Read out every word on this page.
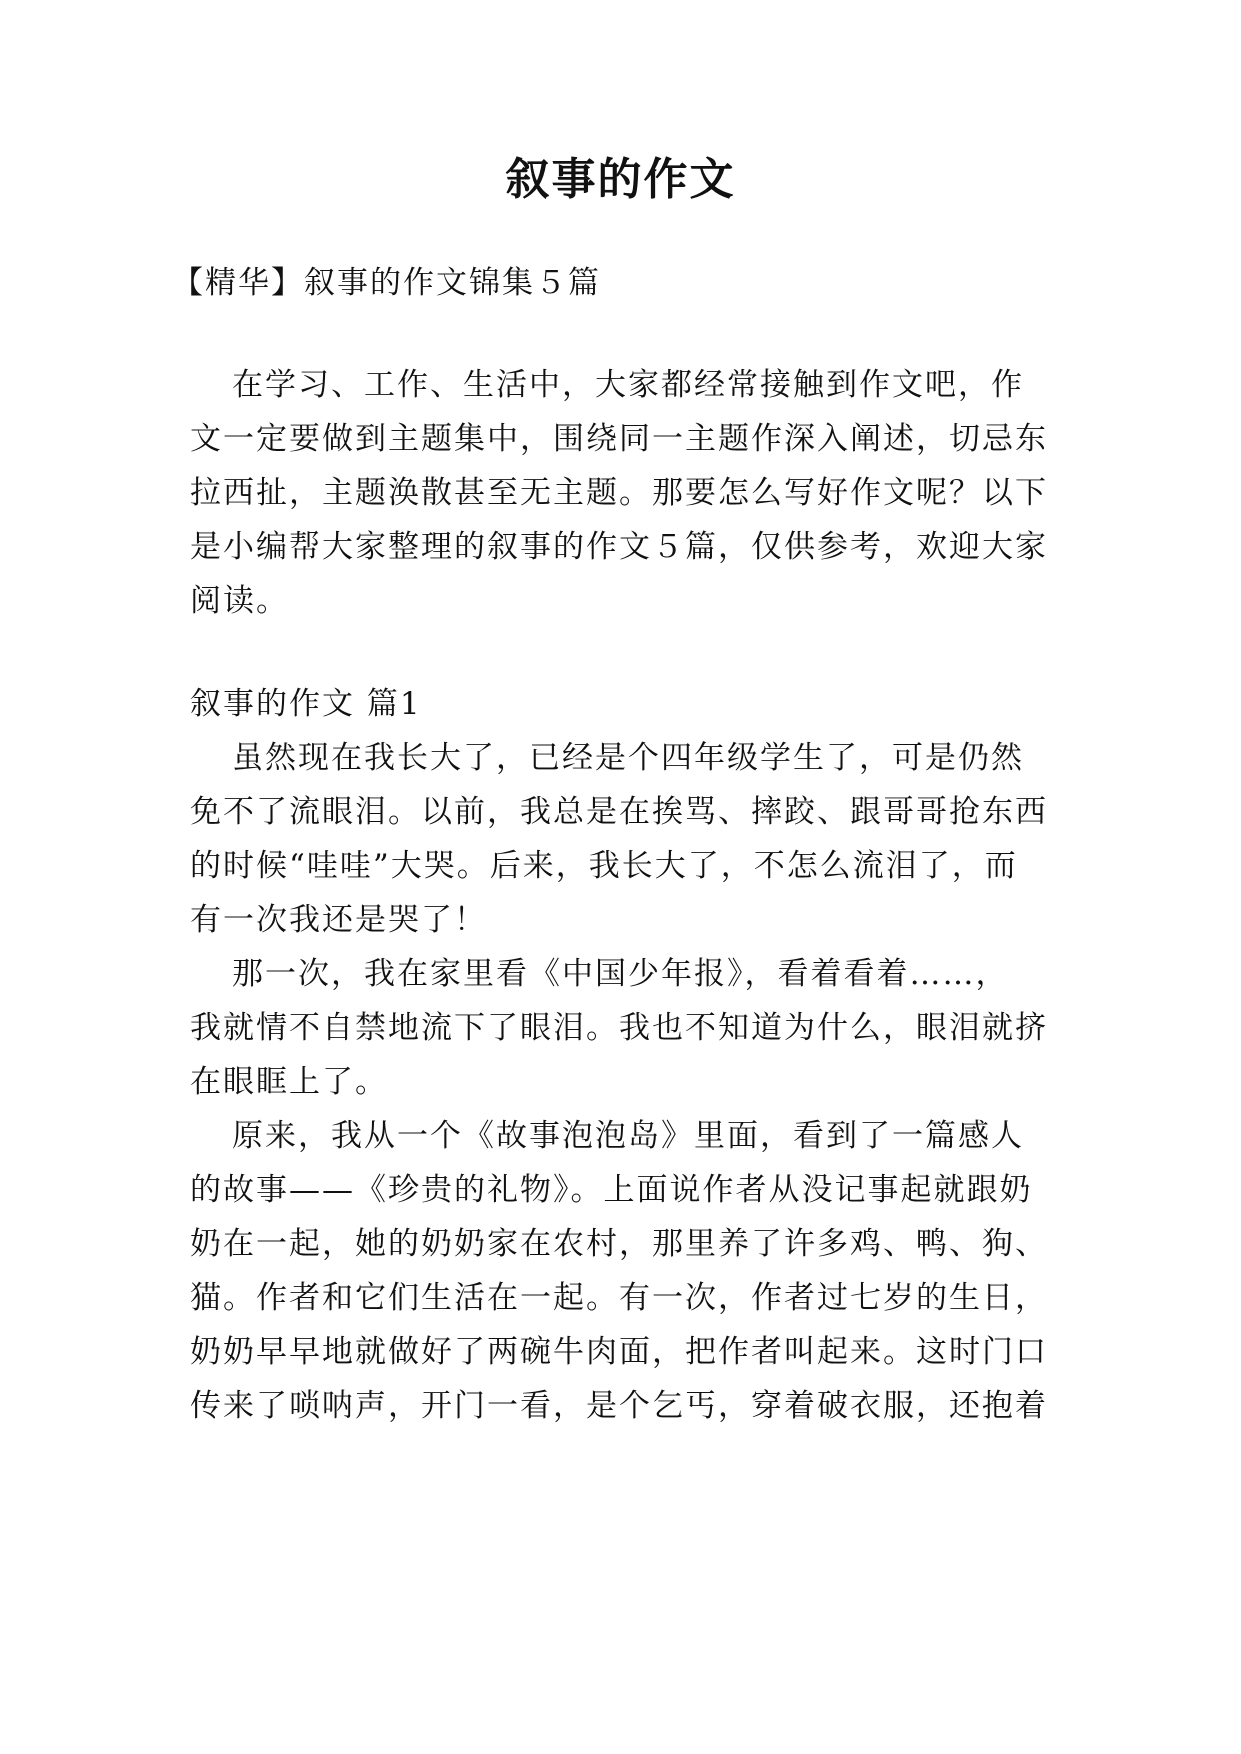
叙事的作文
【精华】叙事的作文锦集５篇
在学习、工作、生活中，大家都经常接触到作文吧，作
文一定要做到主题集中，围绕同一主题作深入阐述，切忌东
拉西扯，主题涣散甚至无主题。那要怎么写好作文呢？以下
是小编帮大家整理的叙事的作文５篇，仅供参考，欢迎大家
阅读。
叙事的作文 篇1
虽然现在我长大了，已经是个四年级学生了，可是仍然
免不了流眼泪。以前，我总是在挨骂、摔跤、跟哥哥抢东西
的时候“哇哇”大哭。后来，我长大了，不怎么流泪了，而
有一次我还是哭了！
那一次，我在家里看《中国少年报》，看着看着……，
我就情不自禁地流下了眼泪。我也不知道为什么，眼泪就挤
在眼眶上了。
原来，我从一个《故事泡泡岛》里面，看到了一篇感人
的故事——《珍贵的礼物》。上面说作者从没记事起就跟奶
奶在一起，她的奶奶家在农村，那里养了许多鸡、鸭、狗、
猫。作者和它们生活在一起。有一次，作者过七岁的生日，
奶奶早早地就做好了两碗牛肉面，把作者叫起来。这时门口
传来了唢呐声，开门一看，是个乞丐，穿着破衣服，还抱着
